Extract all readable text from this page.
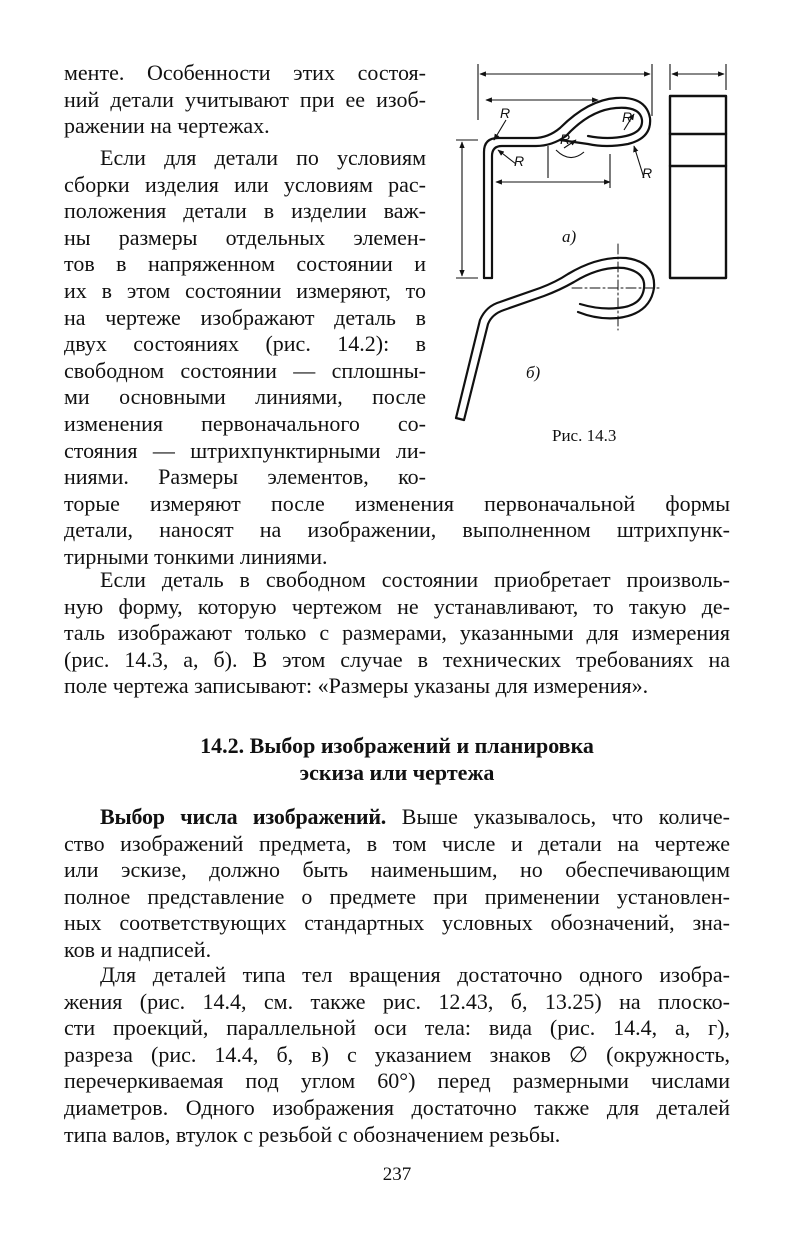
менте. Особенности этих состоя-
ний детали учитывают при ее изоб-
ражении на чертежах.
Если для детали по условиям
сборки изделия или условиям рас-
положения детали в изделии важ-
ны размеры отдельных элемен-
тов в напряженном состоянии и
их в этом состоянии измеряют, то
на чертеже изображают деталь в
двух состояниях (рис. 14.2): в
свободном состоянии — сплошны-
ми основными линиями, после
изменения первоначального со-
стояния — штрихпунктирными ли-
ниями. Размеры элементов, ко-
торые измеряют после изменения первоначальной формы
детали, наносят на изображении, выполненном штрихпунк-
тирными тонкими линиями.
Если деталь в свободном состоянии приобретает произволь-
ную форму, которую чертежом не устанавливают, то такую де-
таль изображают только с размерами, указанными для измерения
(рис. 14.3, а, б). В этом случае в технических требованиях на
поле чертежа записывают: «Размеры указаны для измерения».
14.2. Выбор изображений и планировка
эскиза или чертежа
Выбор числа изображений. Выше указывалось, что количе-
ство изображений предмета, в том числе и детали на чертеже
или эскизе, должно быть наименьшим, но обеспечивающим
полное представление о предмете при применении установлен-
ных соответствующих стандартных условных обозначений, зна-
ков и надписей.
Для деталей типа тел вращения достаточно одного изобра-
жения (рис. 14.4, см. также рис. 12.43, б, 13.25) на плоско-
сти проекций, параллельной оси тела: вида (рис. 14.4, а, г),
разреза (рис. 14.4, б, в) с указанием знаков ∅ (окружность,
перечеркиваемая под углом 60°) перед размерными числами
диаметров. Одного изображения достаточно также для деталей
типа валов, втулок с резьбой с обозначением резьбы.
R
R
R
R
R
а)
б)
Рис. 14.3
237
